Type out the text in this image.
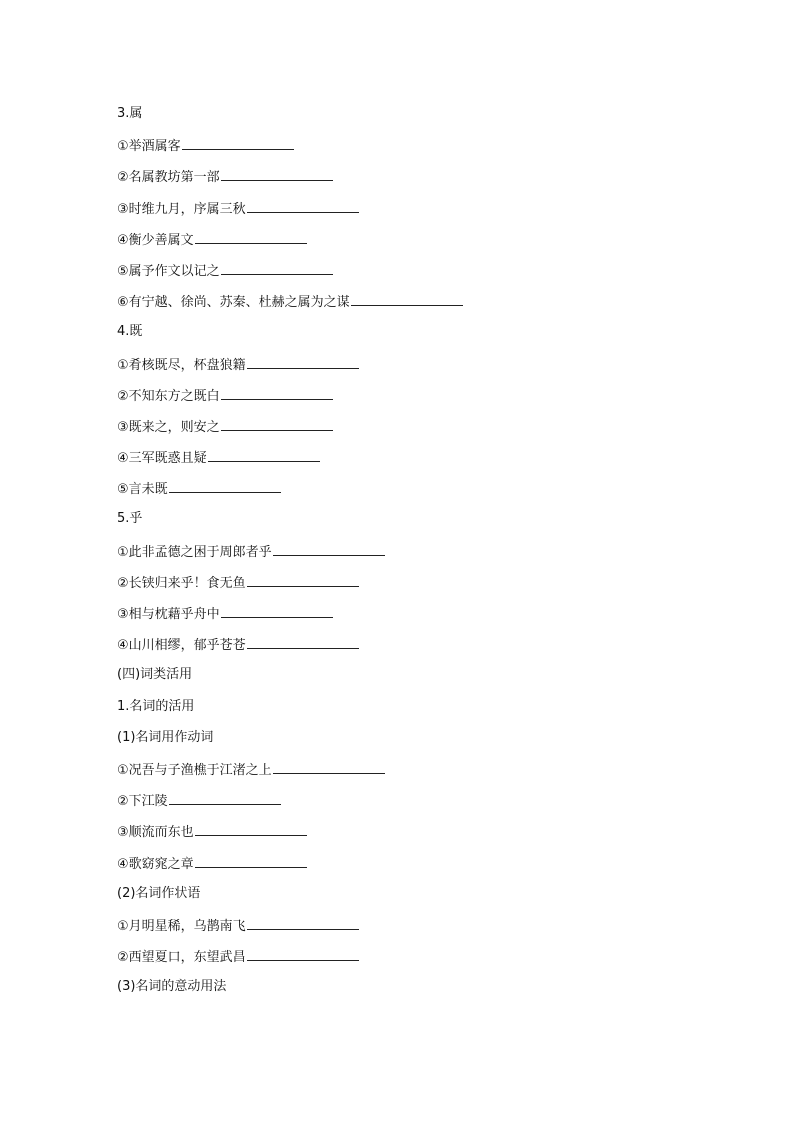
3.属
①举酒属客
②名属教坊第一部
③时维九月，序属三秋
④衡少善属文
⑤属予作文以记之
⑥有宁越、徐尚、苏秦、杜赫之属为之谋
4.既
①肴核既尽，杯盘狼籍
②不知东方之既白
③既来之，则安之
④三军既惑且疑
⑤言未既
5.乎
①此非孟德之困于周郎者乎
②长铗归来乎！食无鱼
③相与枕藉乎舟中
④山川相缪，郁乎苍苍
(四)词类活用
1.名词的活用
(1)名词用作动词
①况吾与子渔樵于江渚之上
②下江陵
③顺流而东也
④歌窈窕之章
(2)名词作状语
①月明星稀，乌鹊南飞
②西望夏口，东望武昌
(3)名词的意动用法
